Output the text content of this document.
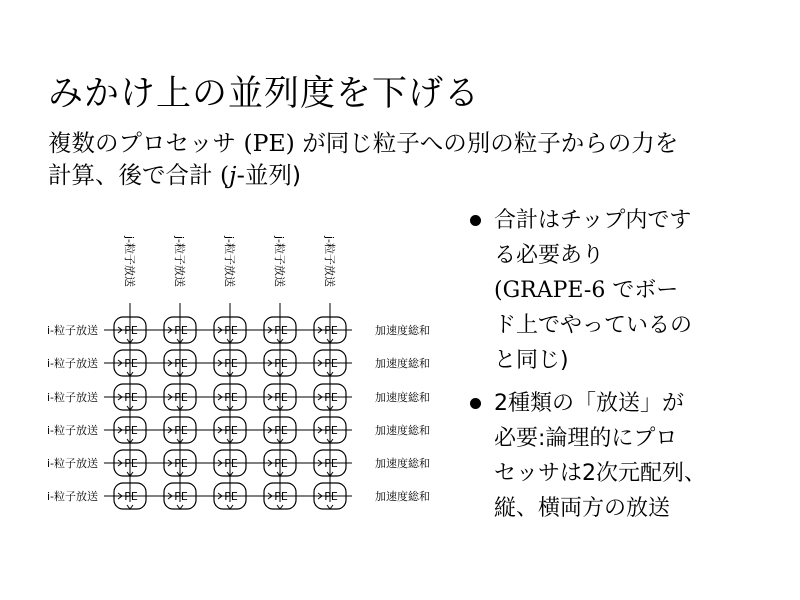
みかけ上の並列度を下げる
複数のプロセッサ (PE) が同じ粒子への別の粒子からの力を
計算、後で合計 (j-並列)
j-粒子放送	j-粒子放送	j-粒子放送	j-粒子放送	j-粒子放送
i-粒子放送 PE	PE	PE	PE	PE	加速度総和
i-粒子放送 PE	PE	PE	PE	PE	加速度総和
i-粒子放送 PE	PE	PE	PE	PE	加速度総和
i-粒子放送 PE	PE	PE	PE	PE	加速度総和
i-粒子放送 PE	PE	PE	PE	PE	加速度総和
i-粒子放送 PE	PE	PE	PE	PE	加速度総和
合計はチップ内です
る必要あり
(GRAPE-6 でボー
ド上でやっているの
と同じ)
2種類の「放送」が
必要:論理的にプロ
セッサは2次元配列、
縦、横両方の放送
